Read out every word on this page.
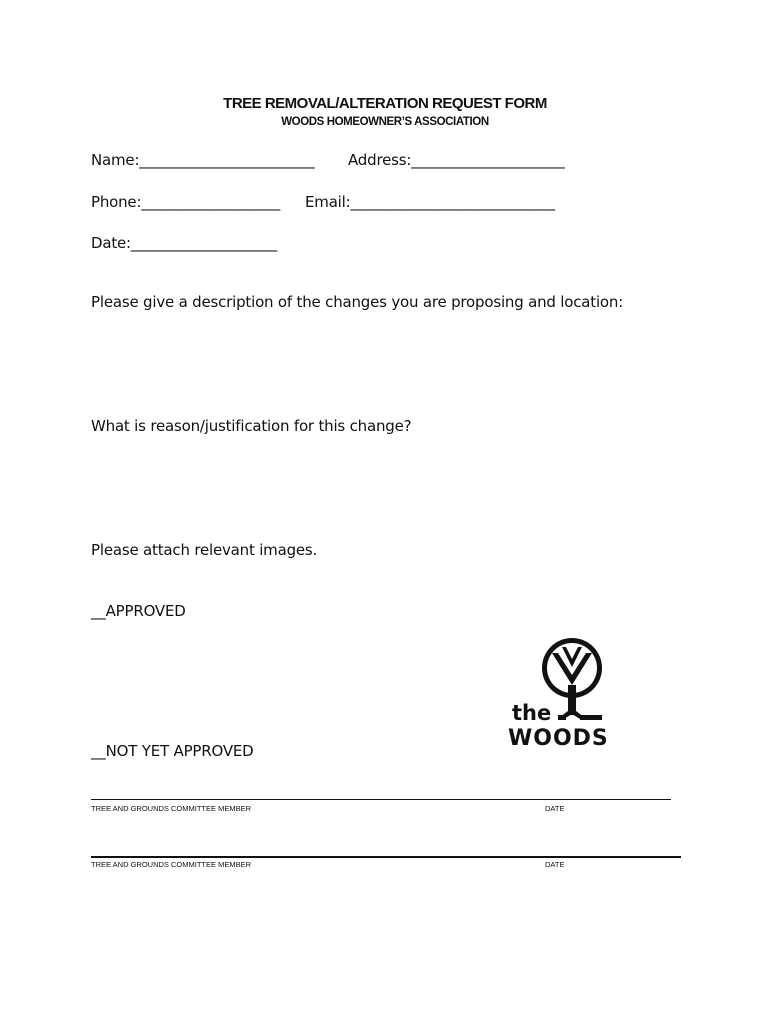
TREE REMOVAL/ALTERATION REQUEST FORM
WOODS HOMEOWNER’S ASSOCIATION
Name:________________________ Address:_____________________
Phone:___________________ Email:____________________________
Date:____________________
Please give a description of the changes you are proposing and location:
What is reason/justification for this change?
Please attach relevant images.
__APPROVED
__NOT YET APPROVED
the
WOODS
TREE AND GROUNDS COMMITTEE MEMBER	DATE
TREE AND GROUNDS COMMITTEE MEMBER	DATE
